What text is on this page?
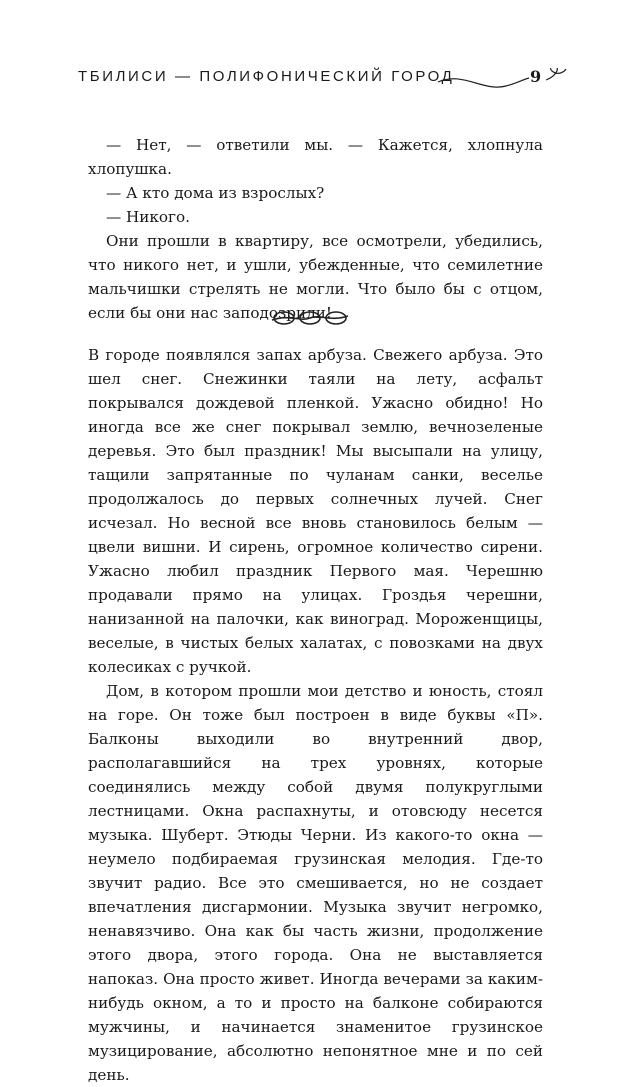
ТБИЛИСИ — ПОЛИФОНИЧЕСКИЙ ГОРОД	9

— Нет, — ответили мы. — Кажется, хлопнула хлопушка.

— А кто дома из взрослых?

— Никого.

Они прошли в квартиру, все осмотрели, убедились, что никого нет, и ушли, убежденные, что семилетние мальчишки стрелять не могли. Что было бы с отцом, если бы они нас заподозрили!

В городе появлялся запах арбуза. Свежего арбуза. Это шел снег. Снежинки таяли на лету, асфальт покрывался дождевой пленкой. Ужасно обидно! Но иногда все же снег покрывал землю, вечнозеленые деревья. Это был праздник! Мы высыпали на улицу, тащили запрятанные по чуланам санки, веселье продолжалось до первых солнечных лучей. Снег исчезал. Но весной все вновь становилось белым — цвели вишни. И сирень, огромное количество сирени. Ужасно любил праздник Первого мая. Черешню продавали прямо на улицах. Гроздья черешни, нанизанной на палочки, как виноград. Мороженщицы, веселые, в чистых белых халатах, с повозками на двух колесиках с ручкой.

Дом, в котором прошли мои детство и юность, стоял на горе. Он тоже был построен в виде буквы «П». Балконы выходили во внутренний двор, располагавшийся на трех уровнях, которые соединялись между собой двумя полукруглыми лестницами. Окна распахнуты, и отовсюду несется музыка. Шуберт. Этюды Черни. Из какого-то окна — неумело подбираемая грузинская мелодия. Где-то звучит радио. Все это смешивается, но не создает впечатления дисгармонии. Музыка звучит негромко, ненавязчиво. Она как бы часть жизни, продолжение этого двора, этого города. Она не выставляется напоказ. Она просто живет. Иногда вечерами за каким-нибудь окном, а то и просто на балконе собираются мужчины, и начинается знаменитое грузинское музицирование, абсолютно непонятное мне и по сей день.
